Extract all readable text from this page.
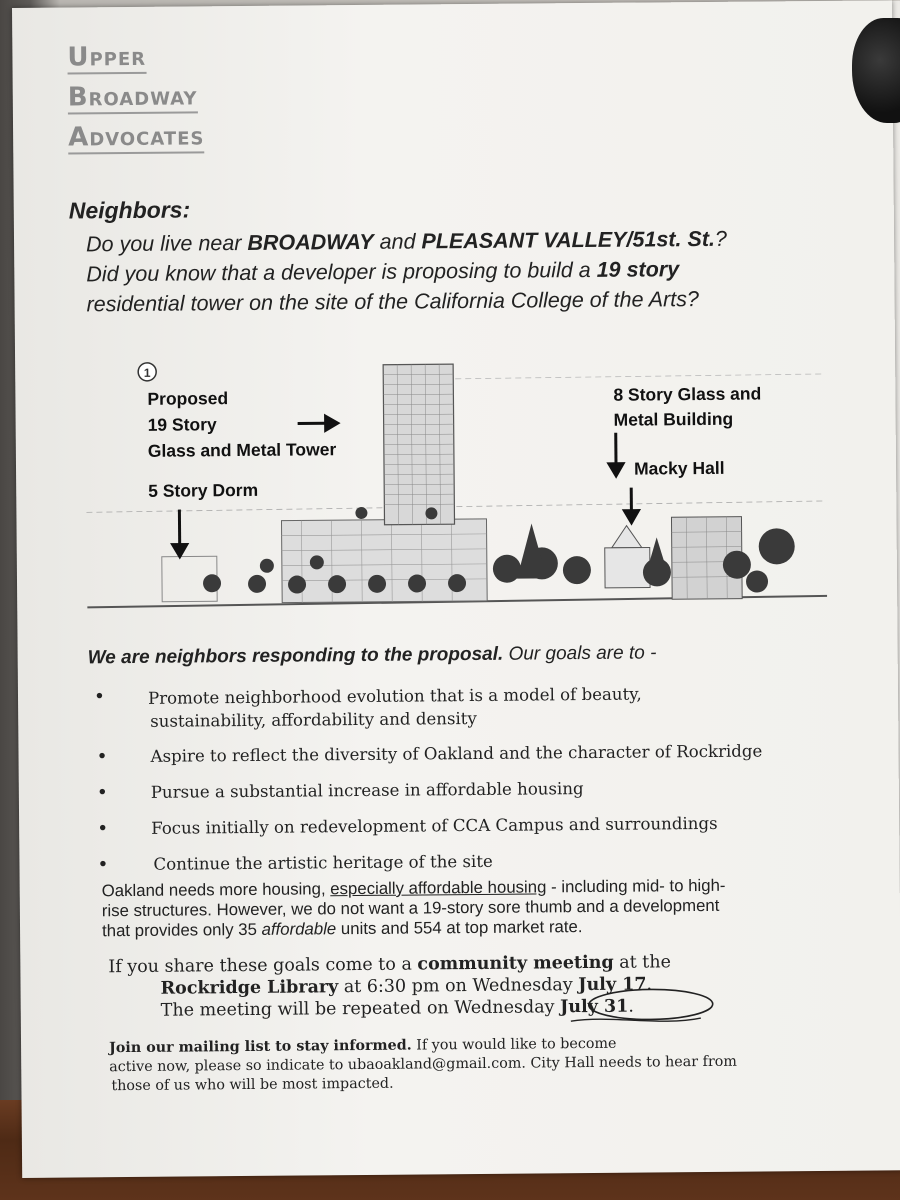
Upper
Broadway
Advocates
Neighbors:
Do you live near BROADWAY and PLEASANT VALLEY/51st. St.?
Did you know that a developer is proposing to build a 19 story
residential tower on the site of the California College of the Arts?
1
Proposed
19 Story
Glass and Metal Tower
5 Story Dorm
8 Story Glass and
Metal Building
Macky Hall
We are neighbors responding to the proposal. Our goals are to -
•	Promote neighborhood evolution that is a model of beauty,
sustainability, affordability and density
•	Aspire to reflect the diversity of Oakland and the character of Rockridge
•	Pursue a substantial increase in affordable housing
•	Focus initially on redevelopment of CCA Campus and surroundings
•	Continue the artistic heritage of the site
Oakland needs more housing, especially affordable housing - including mid- to high-
rise structures. However, we do not want a 19-story sore thumb and a development
that provides only 35 affordable units and 554 at top market rate.
If you share these goals come to a community meeting at the
Rockridge Library at 6:30 pm on Wednesday July 17.
The meeting will be repeated on Wednesday July 31.
Join our mailing list to stay informed. If you would like to become
active now, please so indicate to ubaoakland@gmail.com. City Hall needs to hear from
those of us who will be most impacted.
